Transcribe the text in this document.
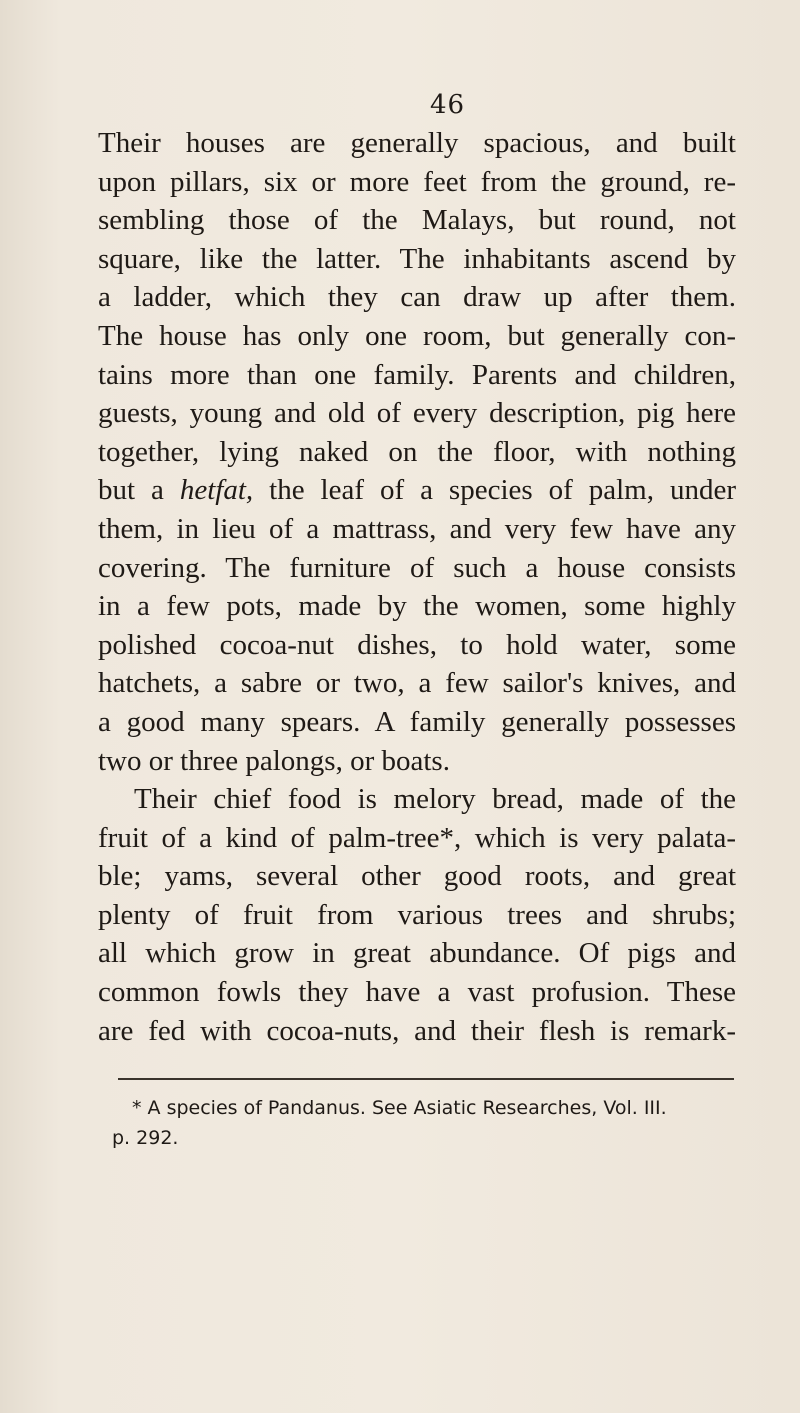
46
Their houses are generally spacious, and built
upon pillars, six or more feet from the ground, re-
sembling those of the Malays, but round, not
square, like the latter. The inhabitants ascend by
a ladder, which they can draw up after them.
The house has only one room, but generally con-
tains more than one family. Parents and children,
guests, young and old of every description, pig here
together, lying naked on the floor, with nothing
but a hetfat, the leaf of a species of palm, under
them, in lieu of a mattrass, and very few have any
covering. The furniture of such a house consists
in a few pots, made by the women, some highly
polished cocoa-nut dishes, to hold water, some
hatchets, a sabre or two, a few sailor's knives, and
a good many spears. A family generally possesses
two or three palongs, or boats.
Their chief food is melory bread, made of the
fruit of a kind of palm-tree*, which is very palata-
ble; yams, several other good roots, and great
plenty of fruit from various trees and shrubs;
all which grow in great abundance. Of pigs and
common fowls they have a vast profusion. These
are fed with cocoa-nuts, and their flesh is remark-
* A species of Pandanus. See Asiatic Researches, Vol. III.
p. 292.
